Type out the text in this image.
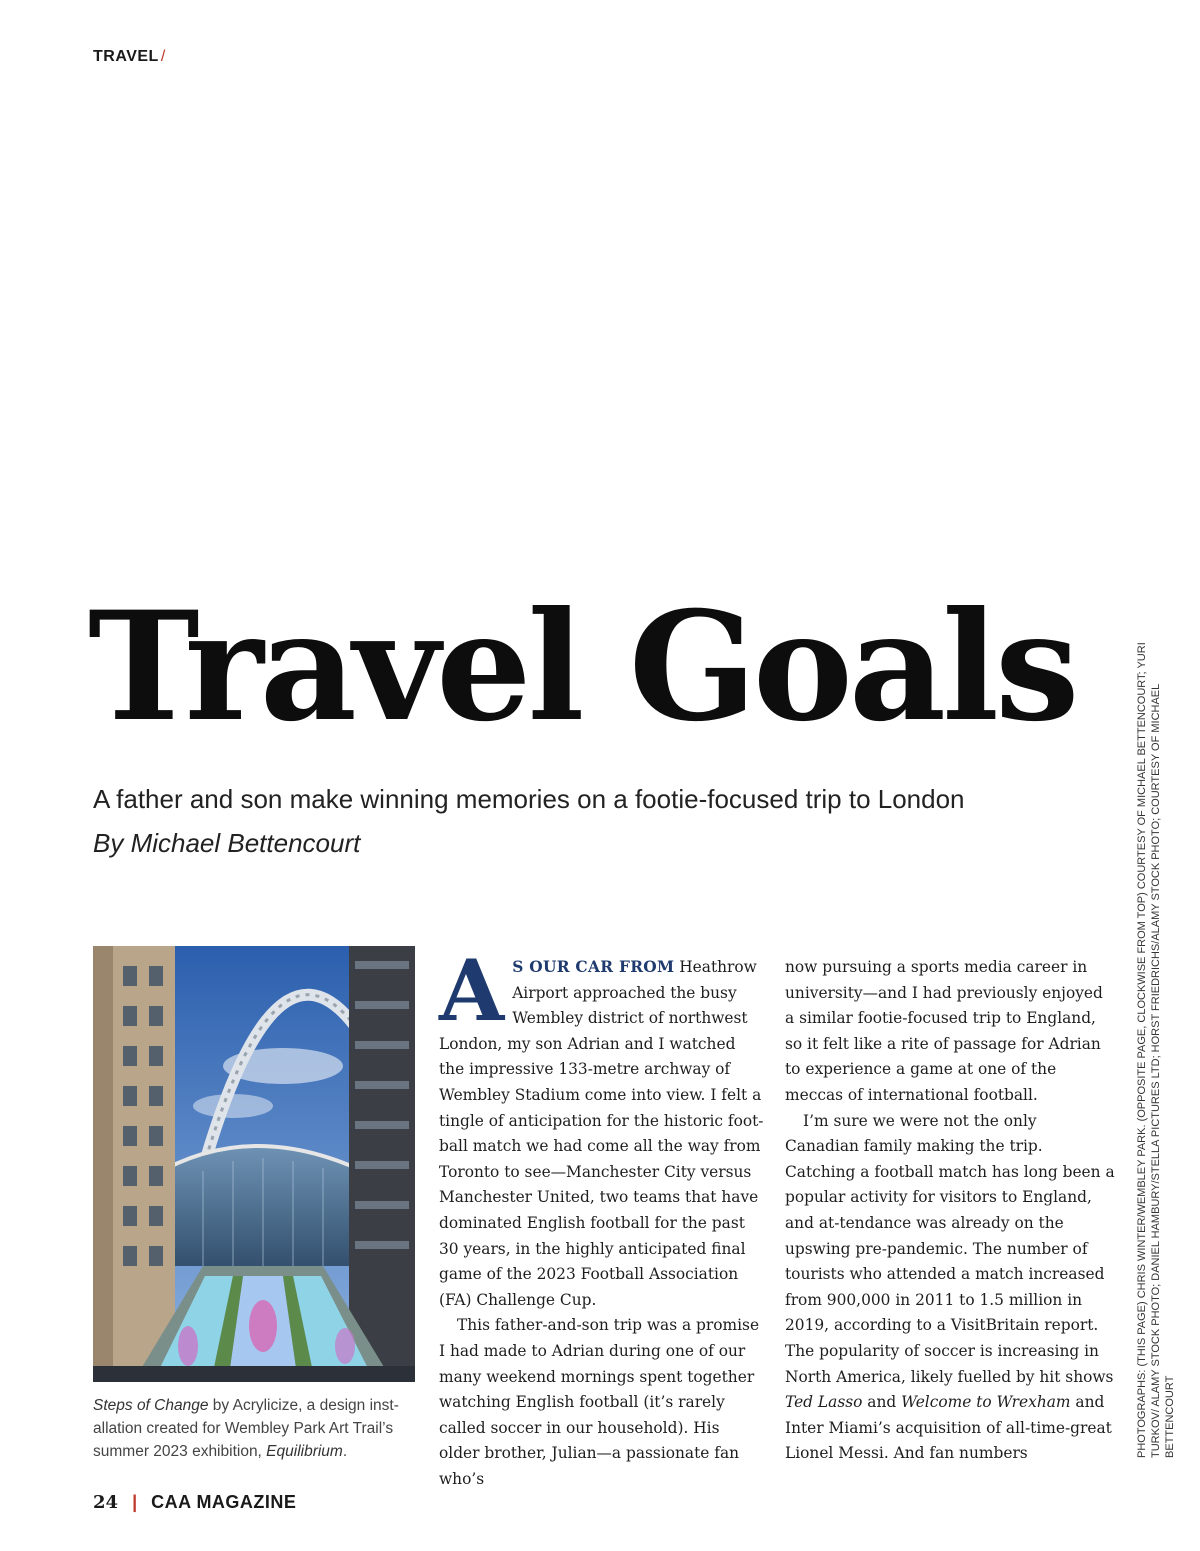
TRAVEL /
Travel Goals

A father and son make winning memories on a footie-focused trip to London

By Michael Bettencourt

Steps of Change by Acrylicize, a design inst-allation created for Wembley Park Art Trail’s summer 2023 exhibition, Equilibrium.

A S OUR CAR FROM Heathrow Airport approached the busy Wembley district of northwest London, my son Adrian and I watched the impressive 133-metre archway of Wembley Stadium come into view. I felt a tingle of anticipation for the historic foot-ball match we had come all the way from Toronto to see—Manchester City versus Manchester United, two teams that have dominated English football for the past 30 years, in the highly anticipated final game of the 2023 Football Association (FA) Challenge Cup.

This father-and-son trip was a promise I had made to Adrian during one of our many weekend mornings spent together watching English football (it’s rarely called soccer in our household). His older brother, Julian—a passionate fan who’s

now pursuing a sports media career in university—and I had previously enjoyed a similar footie-focused trip to England, so it felt like a rite of passage for Adrian to experience a game at one of the meccas of international football.

I’m sure we were not the only Canadian family making the trip. Catching a football match has long been a popular activity for visitors to England, and at-tendance was already on the upswing pre-pandemic. The number of tourists who attended a match increased from 900,000 in 2011 to 1.5 million in 2019, according to a VisitBritain report. The popularity of soccer is increasing in North America, likely fuelled by hit shows Ted Lasso and Welcome to Wrexham and Inter Miami’s acquisition of all-time-great Lionel Messi. And fan numbers	PHOTOGRAPHS: (THIS PAGE) CHRIS WINTER/WEMBLEY PARK. (OPPOSITE PAGE, CLOCKWISE FROM TOP) COURTESY OF MICHAEL BETTENCOURT; YURI TURKOV/ ALAMY STOCK PHOTO; DANIEL HAMBURY/STELLA PICTURES LTD; HORST FRIEDRICHS/ALAMY STOCK PHOTO; COURTESY OF MICHAEL BETTENCOURT
24 | CAA MAGAZINE
